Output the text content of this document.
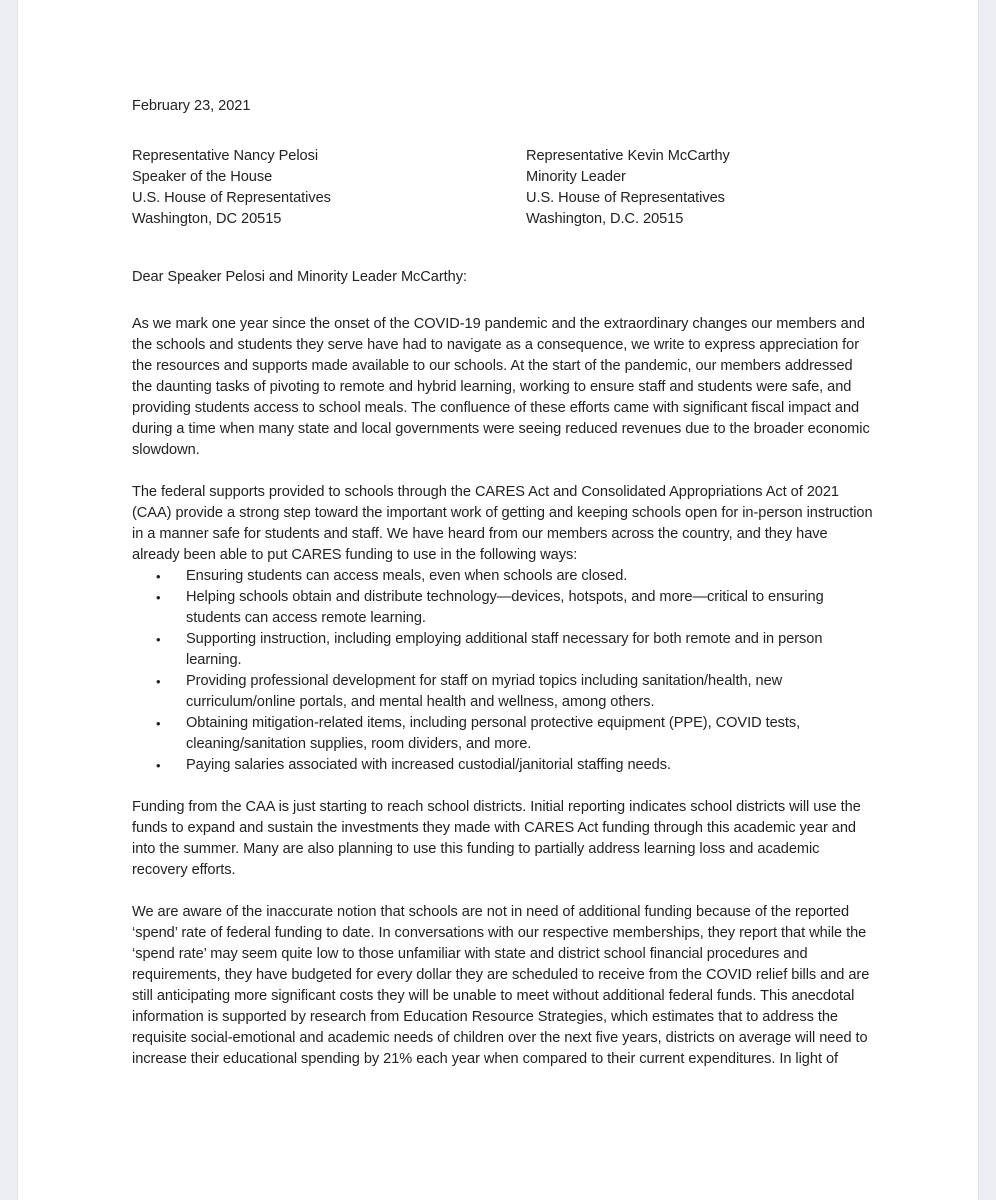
February 23, 2021

Representative Nancy Pelosi

Speaker of the House

U.S. House of Representatives

Washington, DC 20515

Representative Kevin McCarthy

Minority Leader

U.S. House of Representatives

Washington, D.C. 20515

Dear Speaker Pelosi and Minority Leader McCarthy:

As we mark one year since the onset of the COVID-19 pandemic and the extraordinary changes our members and the schools and students they serve have had to navigate as a consequence, we write to express appreciation for the resources and supports made available to our schools. At the start of the pandemic, our members addressed the daunting tasks of pivoting to remote and hybrid learning, working to ensure staff and students were safe, and providing students access to school meals. The confluence of these efforts came with significant fiscal impact and during a time when many state and local governments were seeing reduced revenues due to the broader economic slowdown.

The federal supports provided to schools through the CARES Act and Consolidated Appropriations Act of 2021 (CAA) provide a strong step toward the important work of getting and keeping schools open for in-person instruction in a manner safe for students and staff. We have heard from our members across the country, and they have already been able to put CARES funding to use in the following ways:

• Ensuring students can access meals, even when schools are closed.
• Helping schools obtain and distribute technology—devices, hotspots, and more—critical to ensuring students can access remote learning.
• Supporting instruction, including employing additional staff necessary for both remote and in person learning.
• Providing professional development for staff on myriad topics including sanitation/health, new curriculum/online portals, and mental health and wellness, among others.
• Obtaining mitigation-related items, including personal protective equipment (PPE), COVID tests, cleaning/sanitation supplies, room dividers, and more.
• Paying salaries associated with increased custodial/janitorial staffing needs.

Funding from the CAA is just starting to reach school districts. Initial reporting indicates school districts will use the funds to expand and sustain the investments they made with CARES Act funding through this academic year and into the summer. Many are also planning to use this funding to partially address learning loss and academic recovery efforts.

We are aware of the inaccurate notion that schools are not in need of additional funding because of the reported ‘spend’ rate of federal funding to date. In conversations with our respective memberships, they report that while the ‘spend rate’ may seem quite low to those unfamiliar with state and district school financial procedures and requirements, they have budgeted for every dollar they are scheduled to receive from the COVID relief bills and are still anticipating more significant costs they will be unable to meet without additional federal funds. This anecdotal information is supported by research from Education Resource Strategies, which estimates that to address the requisite social-emotional and academic needs of children over the next five years, districts on average will need to increase their educational spending by 21% each year when compared to their current expenditures. In light of
